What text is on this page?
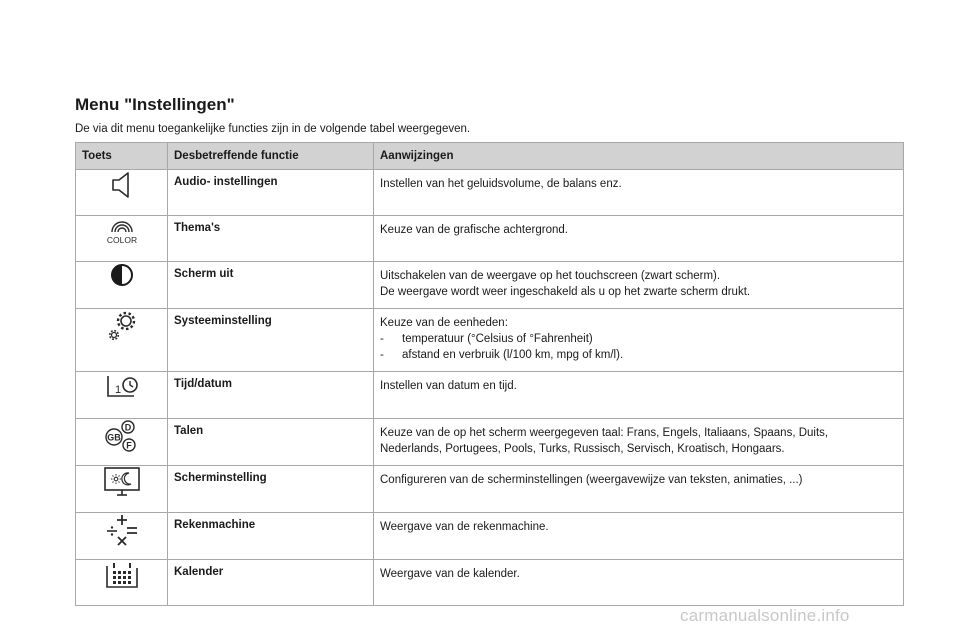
Menu "Instellingen"

De via dit menu toegankelijke functies zijn in de volgende tabel weergegeven.

Toets	Desbetreffende functie	Aanwijzingen

	Audio- instellingen	Instellen van het geluidsvolume, de balans enz.

COLOR	Thema's	Keuze van de grafische achtergrond.

	Scherm uit	Uitschakelen van de weergave op het touchscreen (zwart scherm).
De weergave wordt weer ingeschakeld als u op het zwarte scherm drukt.

	Systeeminstelling	Keuze van de eenheden:
- temperatuur (°Celsius of °Fahrenheit)
- afstand en verbruik (l/100 km, mpg of km/l).

1	Tijd/datum	Instellen van datum en tijd.

D
GB
F	Talen	Keuze van de op het scherm weergegeven taal: Frans, Engels, Italiaans, Spaans, Duits,
Nederlands, Portugees, Pools, Turks, Russisch, Servisch, Kroatisch, Hongaars.

	Scherminstelling	Configureren van de scherminstellingen (weergavewijze van teksten, animaties, ...)

	Rekenmachine	Weergave van de rekenmachine.

	Kalender	Weergave van de kalender.
carmanualsonline.info
